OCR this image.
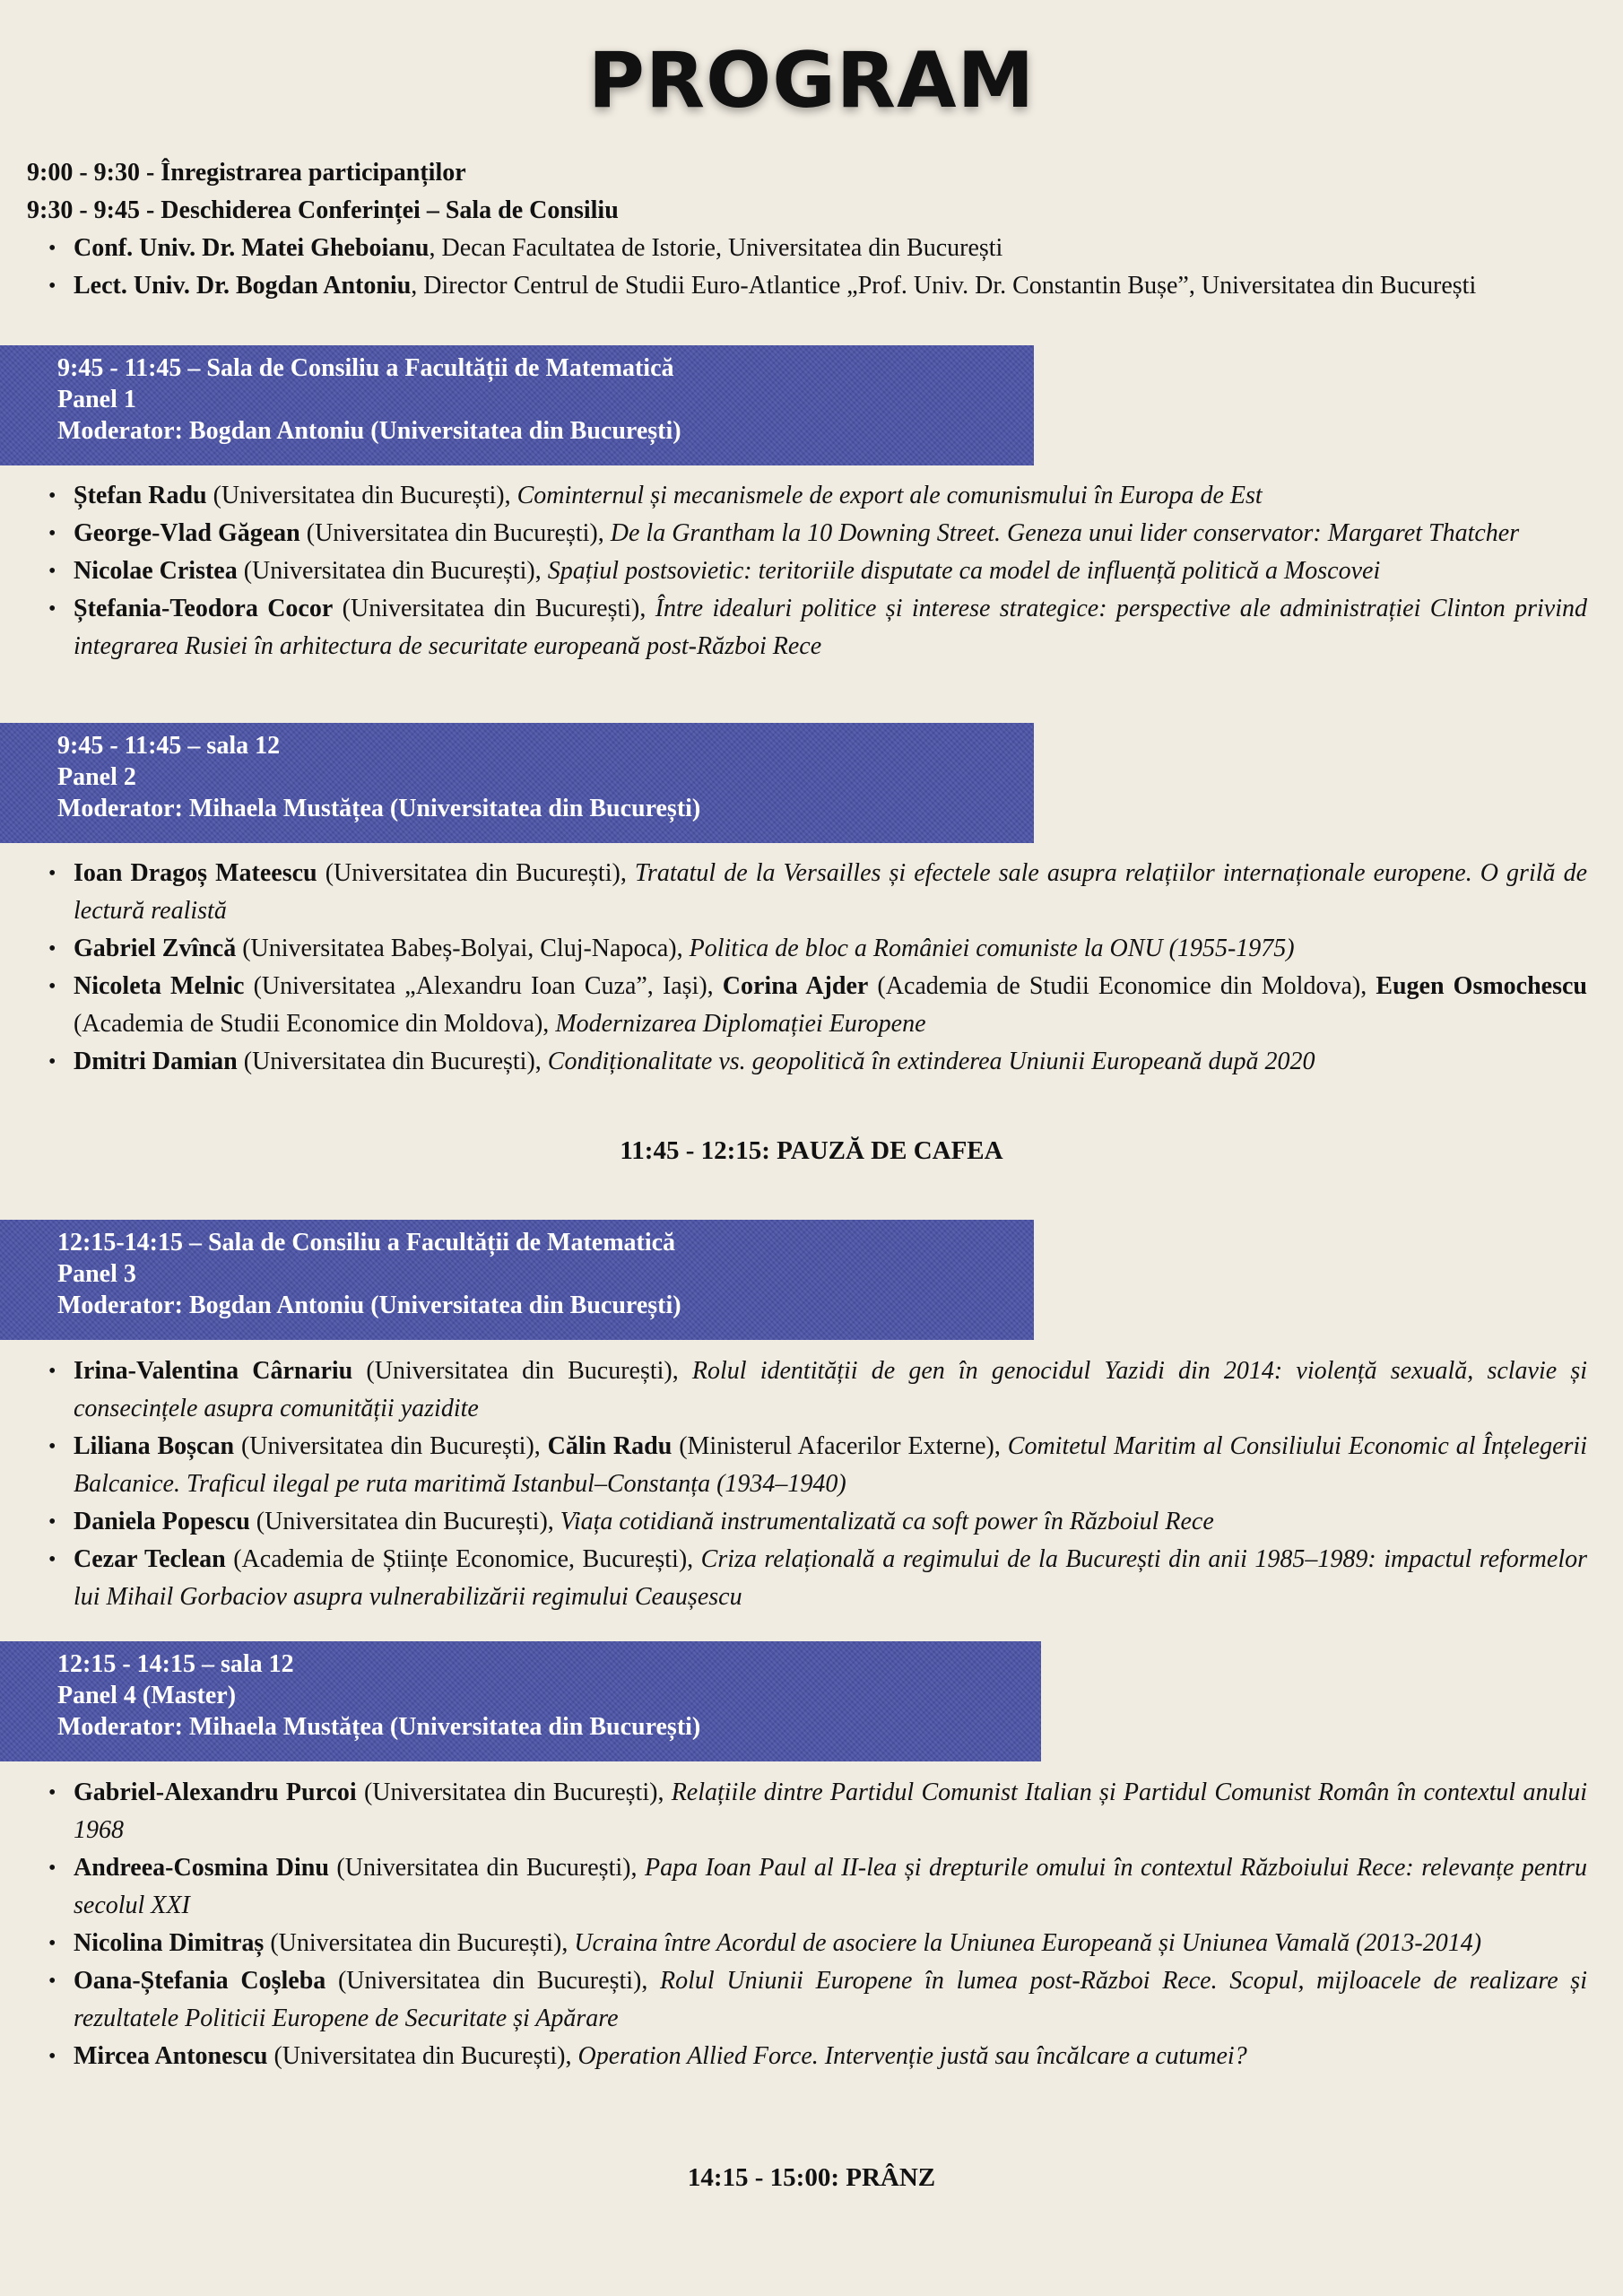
PROGRAM
9:00 - 9:30 - Înregistrarea participanților
9:30 - 9:45 - Deschiderea Conferinței – Sala de Consiliu
• Conf. Univ. Dr. Matei Gheboianu, Decan Facultatea de Istorie, Universitatea din București
• Lect. Univ. Dr. Bogdan Antoniu, Director Centrul de Studii Euro-Atlantice „Prof. Univ. Dr. Constantin Bușe”, Universitatea din București
9:45 - 11:45 – Sala de Consiliu a Facultății de Matematică
Panel 1
Moderator: Bogdan Antoniu (Universitatea din București)
• Ștefan Radu (Universitatea din București), Cominternul și mecanismele de export ale comunismului în Europa de Est
• George-Vlad Găgean (Universitatea din București), De la Grantham la 10 Downing Street. Geneza unui lider conservator: Margaret Thatcher
• Nicolae Cristea (Universitatea din București), Spațiul postsovietic: teritoriile disputate ca model de influență politică a Moscovei
• Ștefania-Teodora Cocor (Universitatea din București), Între idealuri politice și interese strategice: perspective ale administrației Clinton privind integrarea Rusiei în arhitectura de securitate europeană post-Război Rece
9:45 - 11:45 – sala 12
Panel 2
Moderator: Mihaela Mustățea (Universitatea din București)
• Ioan Dragoș Mateescu (Universitatea din București), Tratatul de la Versailles și efectele sale asupra relațiilor internaționale europene. O grilă de lectură realistă
• Gabriel Zvîncă (Universitatea Babeș-Bolyai, Cluj-Napoca), Politica de bloc a României comuniste la ONU (1955-1975)
• Nicoleta Melnic (Universitatea „Alexandru Ioan Cuza”, Iași), Corina Ajder (Academia de Studii Economice din Moldova), Eugen Osmochescu (Academia de Studii Economice din Moldova), Modernizarea Diplomației Europene
• Dmitri Damian (Universitatea din București), Condiționalitate vs. geopolitică în extinderea Uniunii Europeană după 2020
11:45 - 12:15: PAUZĂ DE CAFEA
12:15-14:15 – Sala de Consiliu a Facultății de Matematică
Panel 3
Moderator: Bogdan Antoniu (Universitatea din București)
• Irina-Valentina Cârnariu (Universitatea din București), Rolul identității de gen în genocidul Yazidi din 2014: violență sexuală, sclavie și consecințele asupra comunității yazidite
• Liliana Boșcan (Universitatea din București), Călin Radu (Ministerul Afacerilor Externe), Comitetul Maritim al Consiliului Economic al Înțelegerii Balcanice. Traficul ilegal pe ruta maritimă Istanbul–Constanța (1934–1940)
• Daniela Popescu (Universitatea din București), Viața cotidiană instrumentalizată ca soft power în Războiul Rece
• Cezar Teclean (Academia de Științe Economice, București), Criza relațională a regimului de la București din anii 1985–1989: impactul reformelor lui Mihail Gorbaciov asupra vulnerabilizării regimului Ceaușescu
12:15 - 14:15 – sala 12
Panel 4 (Master)
Moderator: Mihaela Mustățea (Universitatea din București)
• Gabriel-Alexandru Purcoi (Universitatea din București), Relațiile dintre Partidul Comunist Italian și Partidul Comunist Român în contextul anului 1968
• Andreea-Cosmina Dinu (Universitatea din București), Papa Ioan Paul al II-lea și drepturile omului în contextul Războiului Rece: relevanțe pentru secolul XXI
• Nicolina Dimitraș (Universitatea din București), Ucraina între Acordul de asociere la Uniunea Europeană și Uniunea Vamală (2013-2014)
• Oana-Ștefania Coșleba (Universitatea din București), Rolul Uniunii Europene în lumea post-Război Rece. Scopul, mijloacele de realizare și rezultatele Politicii Europene de Securitate și Apărare
• Mircea Antonescu (Universitatea din București), Operation Allied Force. Intervenție justă sau încălcare a cutumei?
14:15 - 15:00: PRÂNZ
